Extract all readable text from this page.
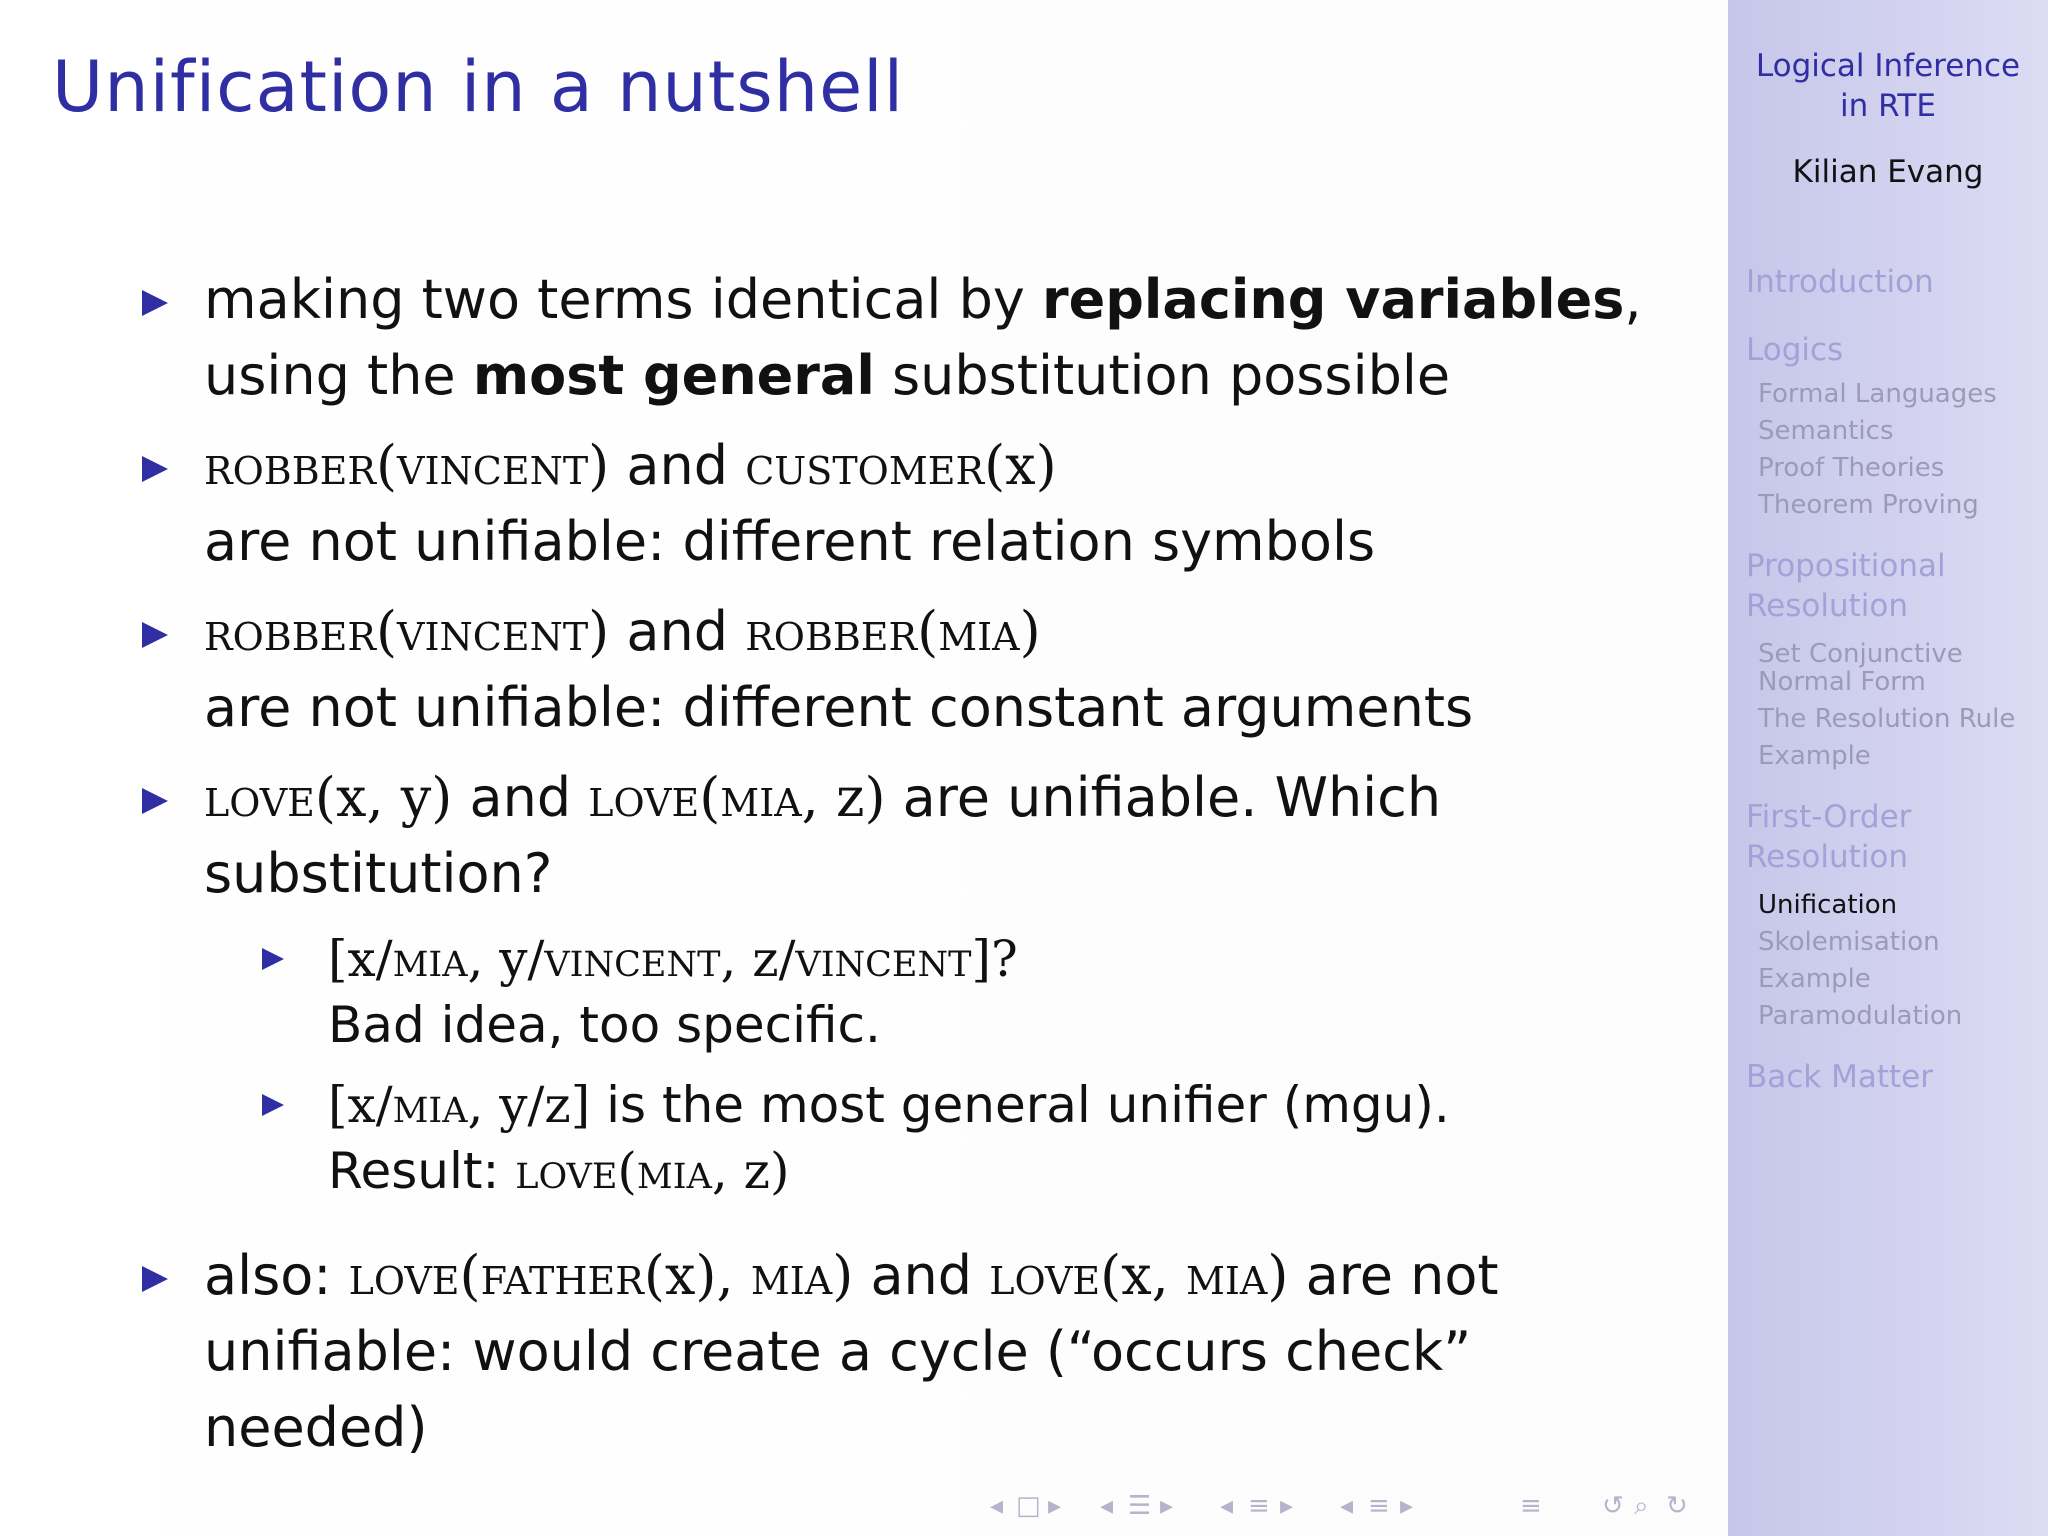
Unification in a nutshell
making two terms identical by replacing variables,
using the most general substitution possible
robber(vincent) and customer(x)
are not unifiable: different relation symbols
robber(vincent) and robber(mia)
are not unifiable: different constant arguments
love(x, y) and love(mia, z) are unifiable. Which
substitution?
[x/mia, y/vincent, z/vincent]?
Bad idea, too specific.
[x/mia, y/z] is the most general unifier (mgu).
Result: love(mia, z)
also: love(father(x), mia) and love(x, mia) are not
unifiable: would create a cycle (“occurs check” needed)
◂ □ ▸ ◂ ☰ ▸ ◂ ≡ ▸ ◂ ≡ ▸	≡ ↺ ⌕ ↻
Logical Inference
in RTE
Kilian Evang
Introduction
Logics
Formal Languages
Semantics
Proof Theories
Theorem Proving
Propositional
Resolution
Set Conjunctive
Normal Form
The Resolution Rule
Example
First-Order
Resolution
Unification
Skolemisation
Example
Paramodulation
Back Matter
